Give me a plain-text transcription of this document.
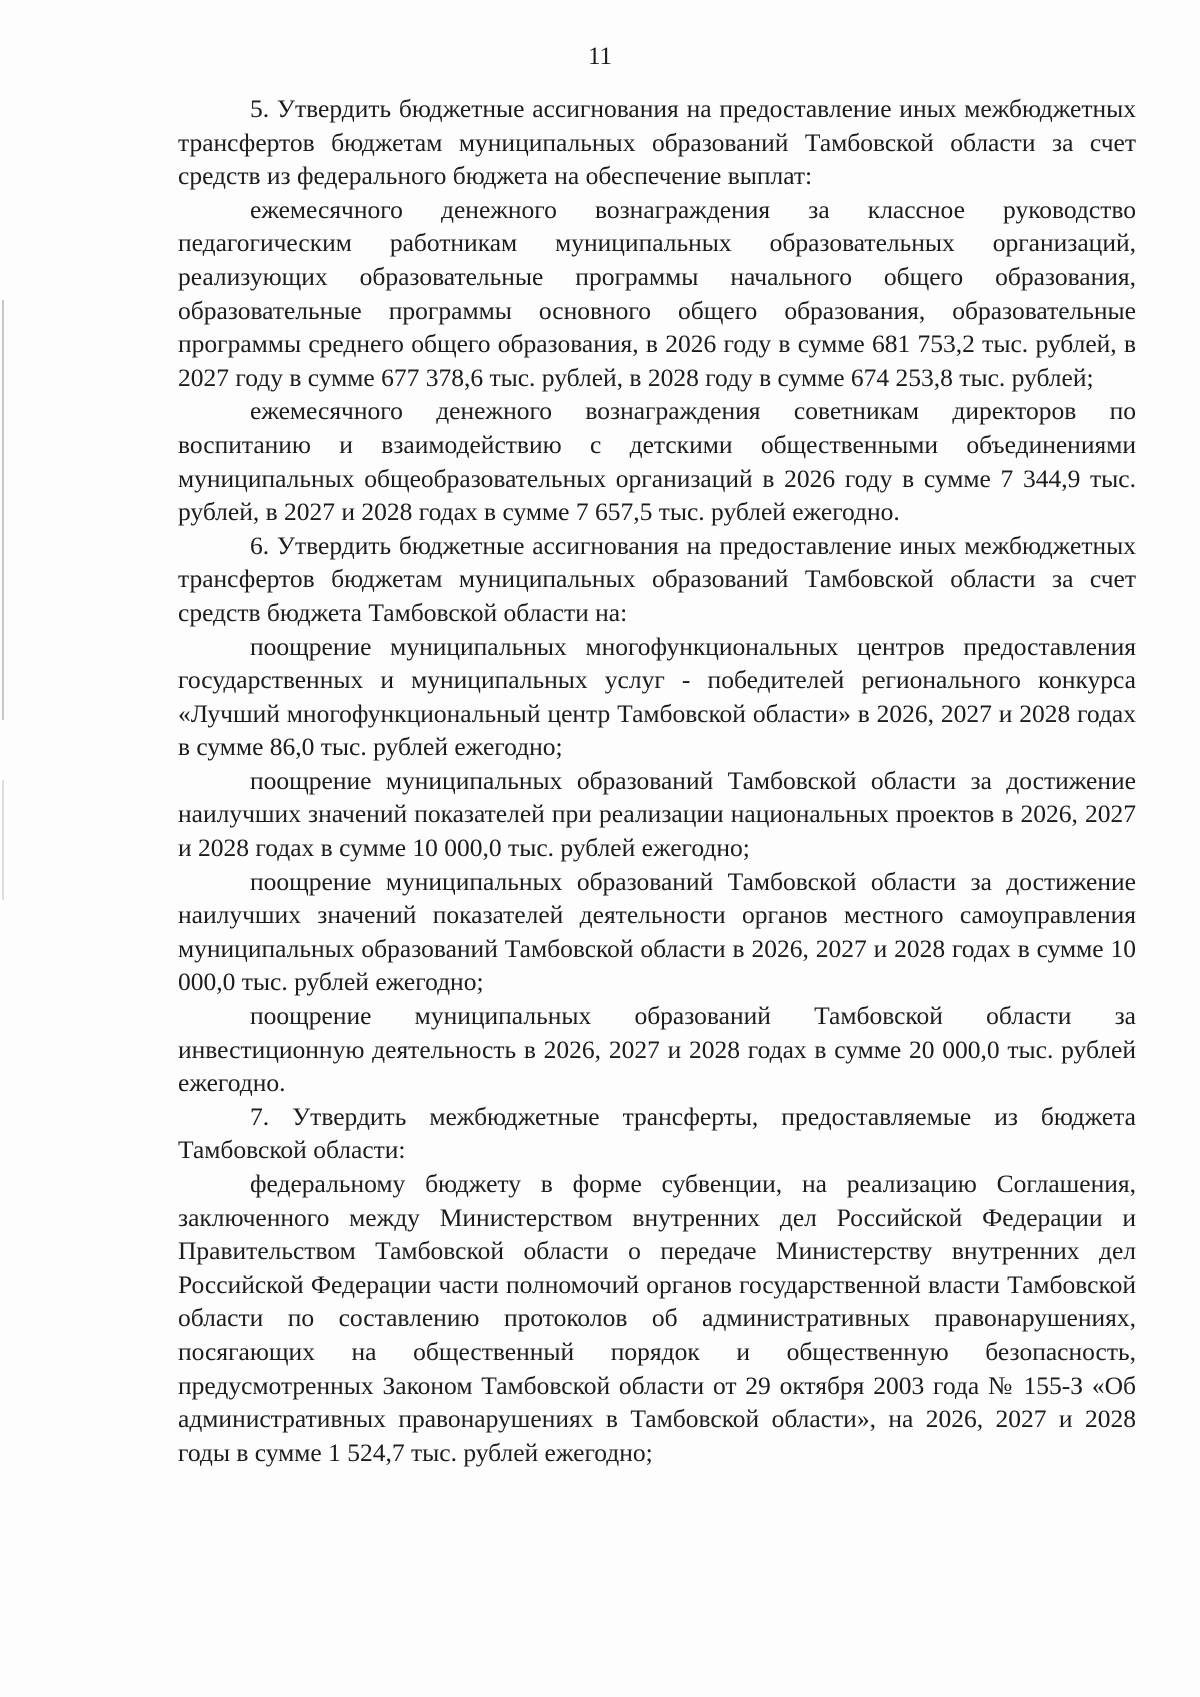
11

5. Утвердить бюджетные ассигнования на предоставление иных межбюджетных трансфертов бюджетам муниципальных образований Тамбовской области за счет средств из федерального бюджета на обеспечение выплат:

ежемесячного денежного вознаграждения за классное руководство педагогическим работникам муниципальных образовательных организаций, реализующих образовательные программы начального общего образования, образовательные программы основного общего образования, образовательные программы среднего общего образования, в 2026 году в сумме 681 753,2 тыс. рублей, в 2027 году в сумме 677 378,6 тыс. рублей, в 2028 году в сумме 674 253,8 тыс. рублей;

ежемесячного денежного вознаграждения советникам директоров по воспитанию и взаимодействию с детскими общественными объединениями муниципальных общеобразовательных организаций в 2026 году в сумме 7 344,9 тыс. рублей, в 2027 и 2028 годах в сумме 7 657,5 тыс. рублей ежегодно.

6. Утвердить бюджетные ассигнования на предоставление иных межбюджетных трансфертов бюджетам муниципальных образований Тамбовской области за счет средств бюджета Тамбовской области на:

поощрение муниципальных многофункциональных центров предоставления государственных и муниципальных услуг - победителей регионального конкурса «Лучший многофункциональный центр Тамбовской области» в 2026, 2027 и 2028 годах в сумме 86,0 тыс. рублей ежегодно;

поощрение муниципальных образований Тамбовской области за достижение наилучших значений показателей при реализации национальных проектов в 2026, 2027 и 2028 годах в сумме 10 000,0 тыс. рублей ежегодно;

поощрение муниципальных образований Тамбовской области за достижение наилучших значений показателей деятельности органов местного самоуправления муниципальных образований Тамбовской области в 2026, 2027 и 2028 годах в сумме 10 000,0 тыс. рублей ежегодно;

поощрение муниципальных образований Тамбовской области за инвестиционную деятельность в 2026, 2027 и 2028 годах в сумме 20 000,0 тыс. рублей ежегодно.

7. Утвердить межбюджетные трансферты, предоставляемые из бюджета Тамбовской области:

федеральному бюджету в форме субвенции, на реализацию Соглашения, заключенного между Министерством внутренних дел Российской Федерации и Правительством Тамбовской области о передаче Министерству внутренних дел Российской Федерации части полномочий органов государственной власти Тамбовской области по составлению протоколов об административных правонарушениях, посягающих на общественный порядок и общественную безопасность, предусмотренных Законом Тамбовской области от 29 октября 2003 года № 155-З «Об административных правонарушениях в Тамбовской области», на 2026, 2027 и 2028 годы в сумме 1 524,7 тыс. рублей ежегодно;
